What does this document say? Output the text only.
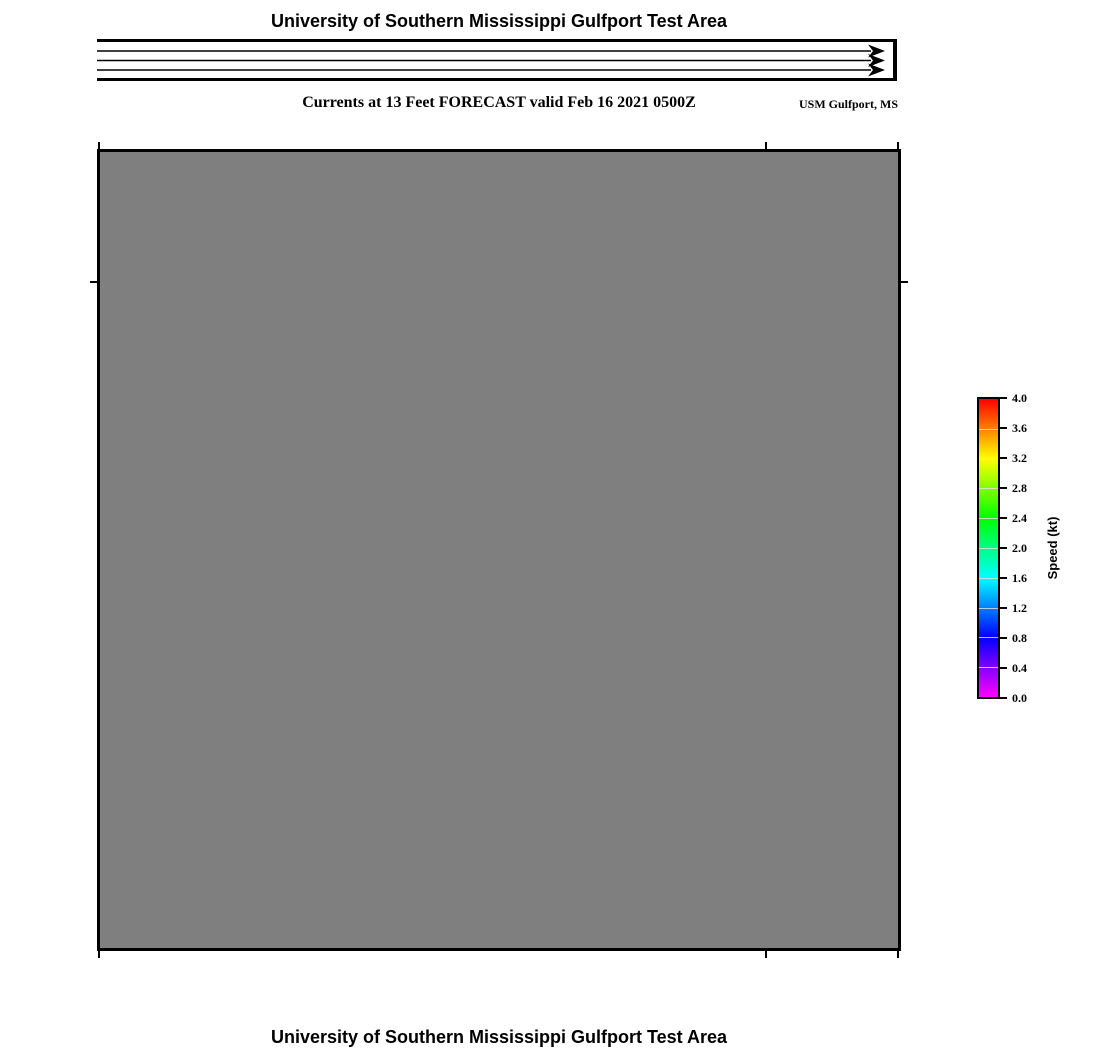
University of Southern Mississippi Gulfport Test Area
Currents at 13 Feet FORECAST valid Feb 16 2021 0500Z	USM Gulfport, MS
4.0
3.6
3.2
2.8
2.4
2.0
1.6
1.2
0.8
0.4
0.0
Speed (kt)
University of Southern Mississippi Gulfport Test Area
